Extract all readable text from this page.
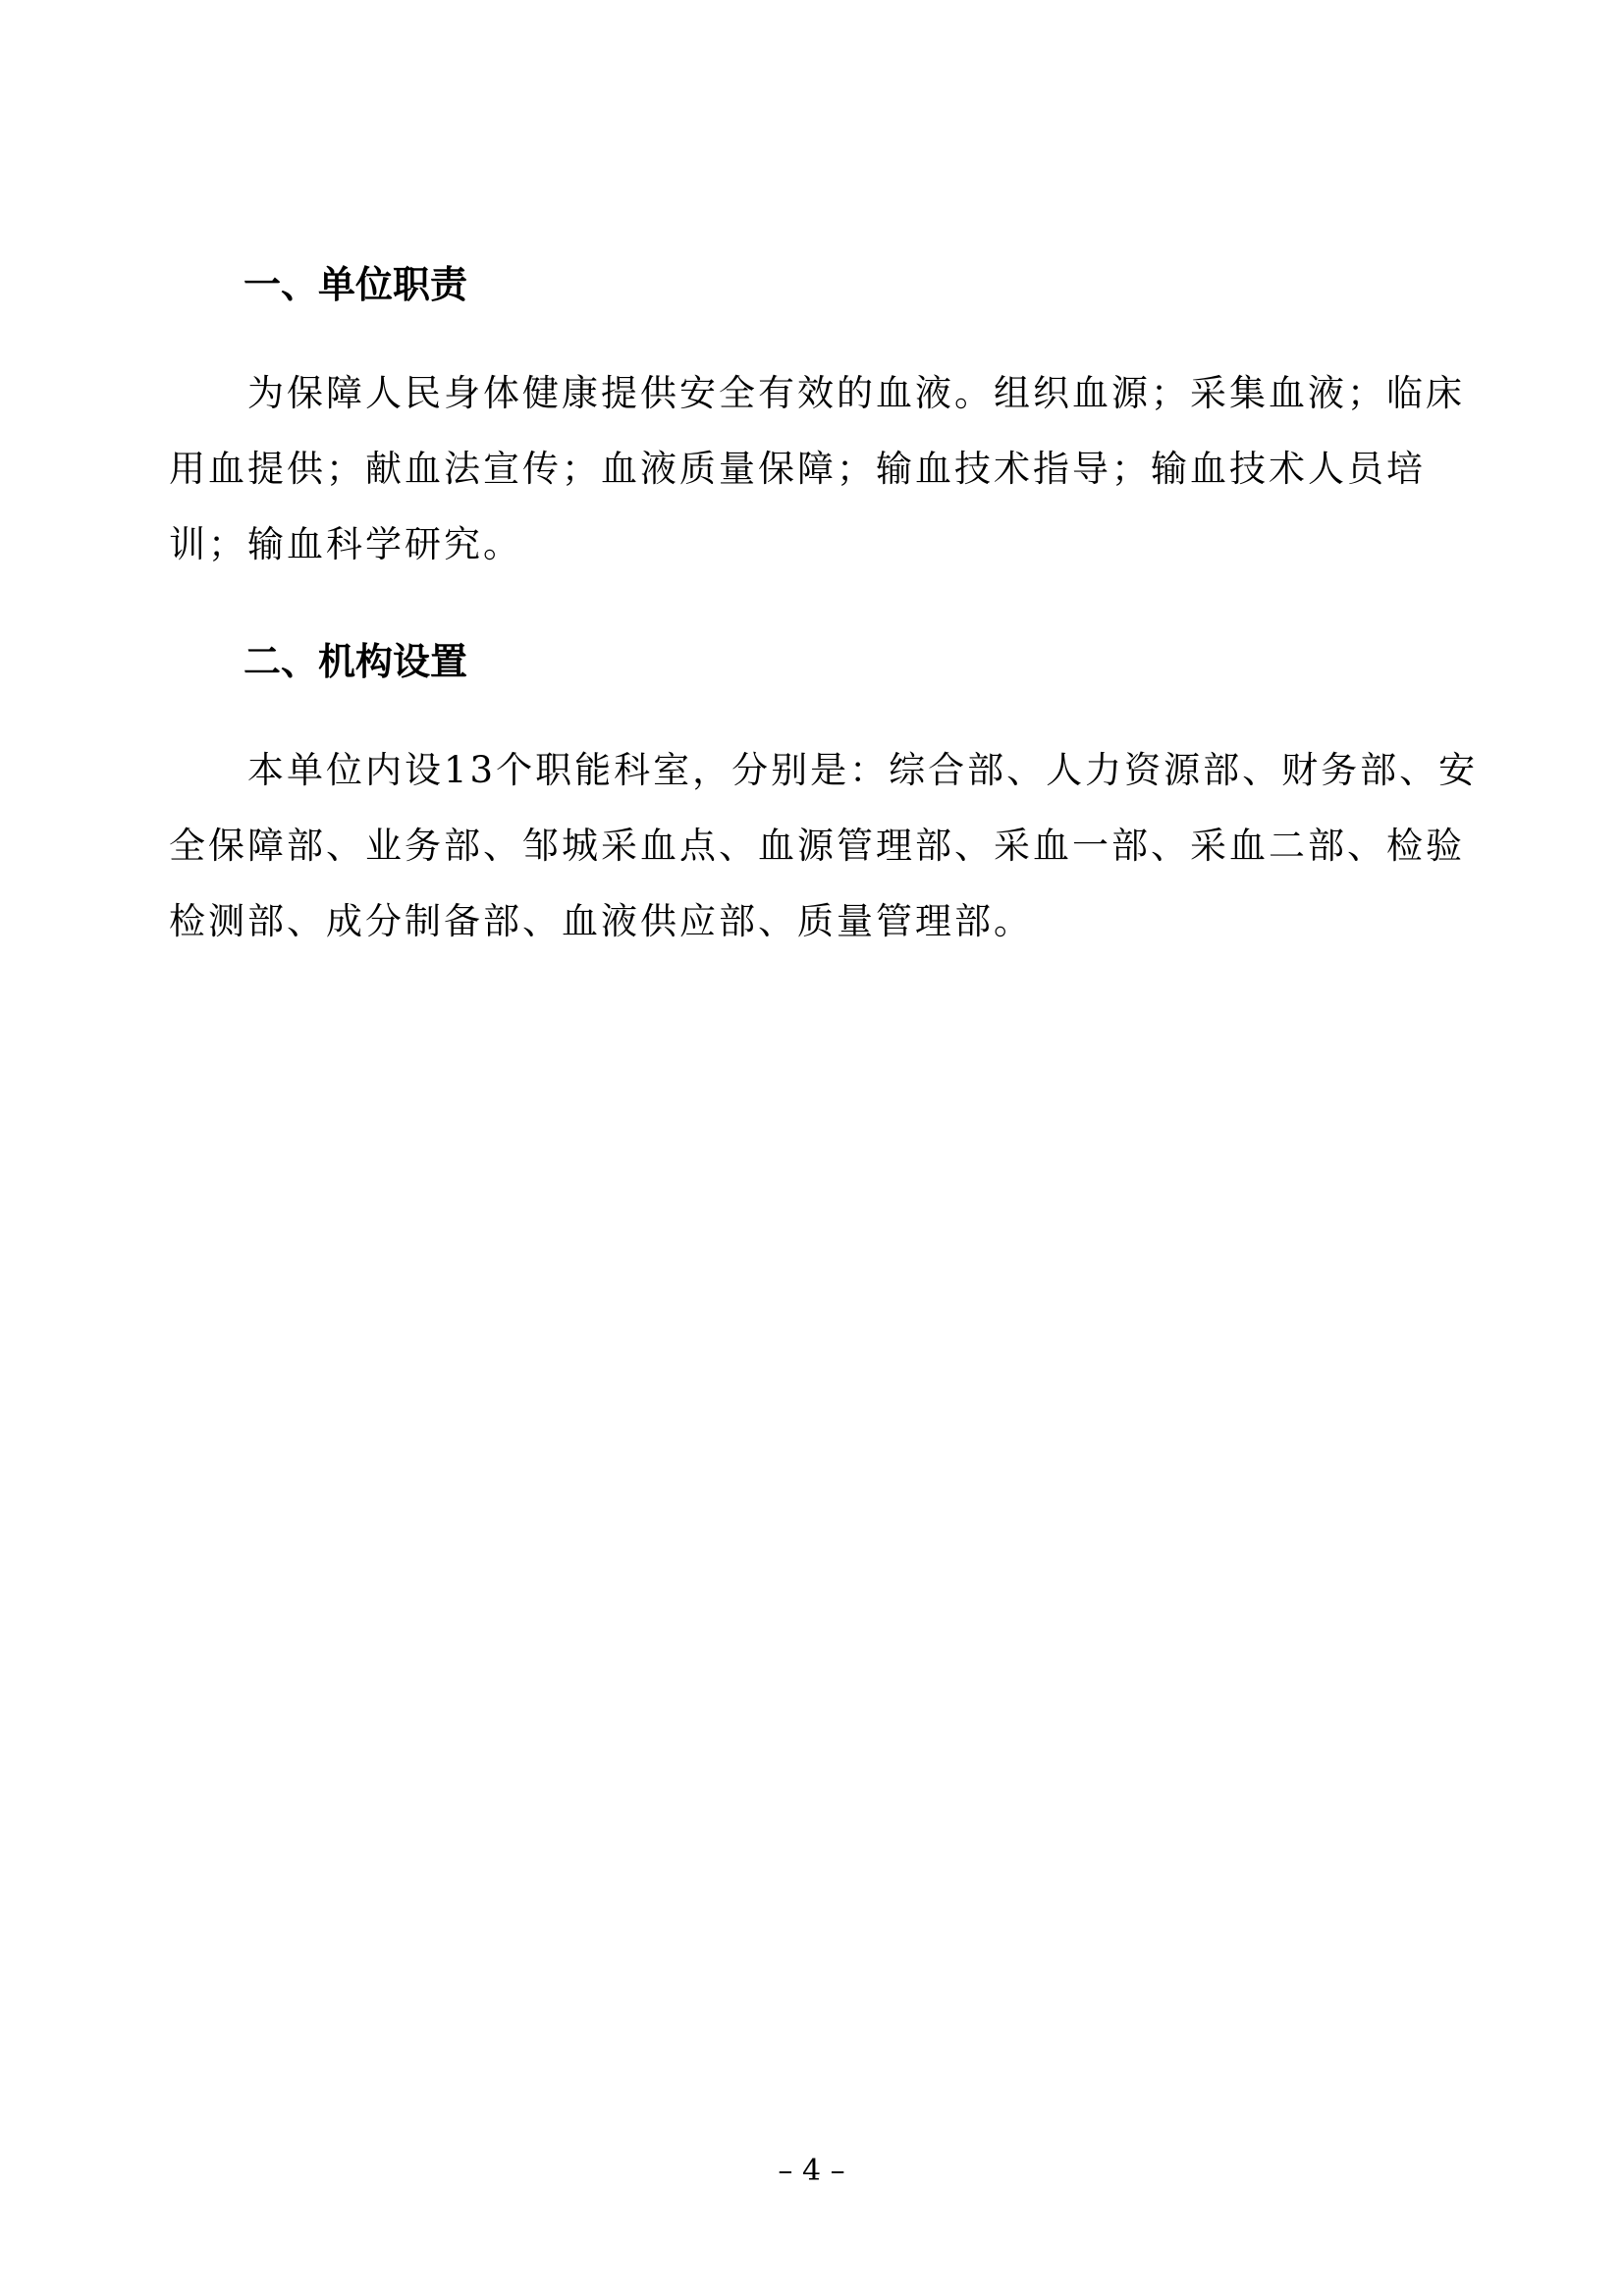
一、单位职责
　　为保障人民身体健康提供安全有效的血液。组织血源；采集血液；临床
用血提供；献血法宣传；血液质量保障；输血技术指导；输血技术人员培
训；输血科学研究。
二、机构设置
　　本单位内设13个职能科室，分别是：综合部、人力资源部、财务部、安
全保障部、业务部、邹城采血点、血源管理部、采血一部、采血二部、检验
检测部、成分制备部、血液供应部、质量管理部。
– 4 –
